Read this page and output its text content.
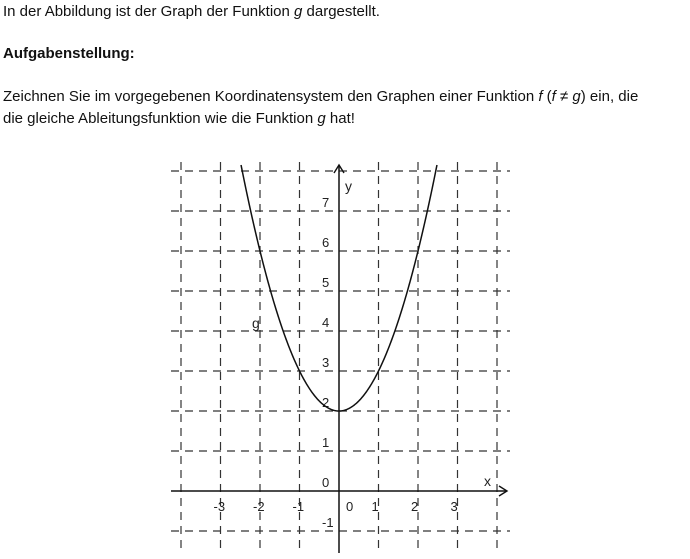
In der Abbildung ist der Graph der Funktion g dargestellt.

Aufgabenstellung:

Zeichnen Sie im vorgegebenen Koordinatensystem den Graphen einer Funktion f (f ≠ g) ein, die
die gleiche Ableitungsfunktion wie die Funktion g hat!

x
y
-3 -2 -1	1 2 3
0
-1
1
2
3
4
5
6
7
0
g
